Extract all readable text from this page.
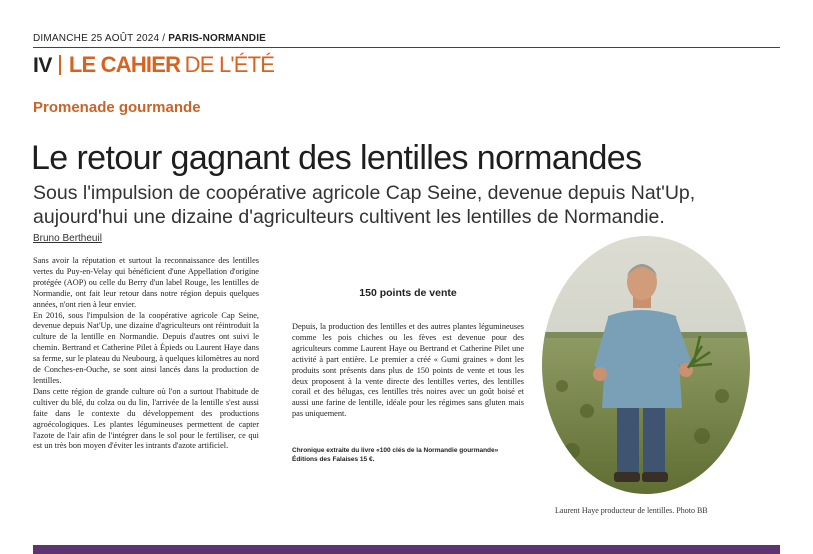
DIMANCHE 25 AOÛT 2024 / PARIS-NORMANDIE
IV LE CAHIER DE L'ÉTÉ
Promenade gourmande
Le retour gagnant des lentilles normandes
Sous l'impulsion de coopérative agricole Cap Seine, devenue depuis Nat'Up, aujourd'hui une dizaine d'agriculteurs cultivent les lentilles de Normandie.
Bruno Bertheuil

Sans avoir la réputation et surtout la reconnaissance des lentilles vertes du Puy-en-Velay qui bénéficient d'une Appellation d'origine protégée (AOP) ou celle du Berry d'un label Rouge, les lentilles de Normandie, ont fait leur retour dans notre région depuis quelques années, n'ont rien à leur envier.

En 2016, sous l'impulsion de la coopérative agricole Cap Seine, devenue depuis Nat'Up, une dizaine d'agriculteurs ont réintroduit la culture de la lentille en Normandie. Depuis d'autres ont suivi le chemin. Bertrand et Catherine Pilet à Épieds ou Laurent Haye dans sa ferme, sur le plateau du Neubourg, à quelques kilomètres au nord de Conches-en-Ouche, se sont ainsi lancés dans la production de lentilles.

Dans cette région de grande culture où l'on a surtout l'habitude de cultiver du blé, du colza ou du lin, l'arrivée de la lentille s'est aussi faite dans le contexte du développement des productions agroécologiques. Les plantes légumineuses permettent de capter l'azote de l'air afin de l'intégrer dans le sol pour le fertiliser, ce qui est un très bon moyen d'éviter les intrants d'azote artificiel.

150 points de vente

Depuis, la production des lentilles et des autres plantes légumineuses comme les pois chiches ou les fèves est devenue pour des agriculteurs comme Laurent Haye ou Bertrand et Catherine Pilet une activité à part entière. Le premier a créé « Gumi graines » dont les produits sont présents dans plus de 150 points de vente et tous les deux proposent à la vente directe des lentilles vertes, des lentilles corail et des bélugas, ces lentilles très noires avec un goût boisé et aussi une farine de lentille, idéale pour les régimes sans gluten mais pas uniquement.

Chronique extraite du livre «100 clés de la Normandie gourmande» Éditions des Falaises 15 €.
Laurent Haye producteur de lentilles. Photo BB
